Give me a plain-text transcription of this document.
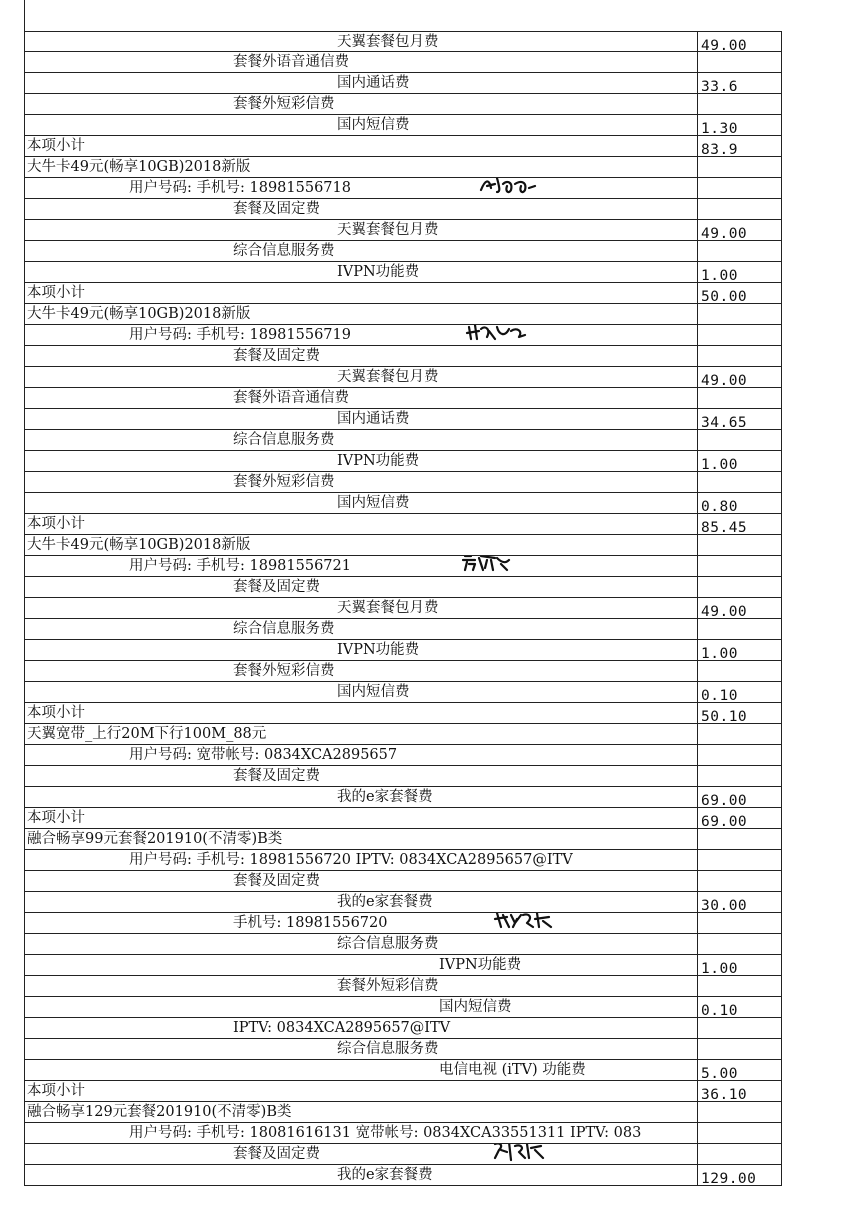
天翼套餐包月费	49.00
套餐外语音通信费
国内通话费	33.6
套餐外短彩信费
国内短信费	1.30
本项小计	83.9
大牛卡49元(畅享10GB)2018新版
用户号码: 手机号: 18981556718
套餐及固定费
天翼套餐包月费	49.00
综合信息服务费
IVPN功能费	1.00
本项小计	50.00
大牛卡49元(畅享10GB)2018新版
用户号码: 手机号: 18981556719
套餐及固定费
天翼套餐包月费	49.00
套餐外语音通信费
国内通话费	34.65
综合信息服务费
IVPN功能费	1.00
套餐外短彩信费
国内短信费	0.80
本项小计	85.45
大牛卡49元(畅享10GB)2018新版
用户号码: 手机号: 18981556721
套餐及固定费
天翼套餐包月费	49.00
综合信息服务费
IVPN功能费	1.00
套餐外短彩信费
国内短信费	0.10
本项小计	50.10
天翼宽带_上行20M下行100M_88元
用户号码: 宽带帐号: 0834XCA2895657
套餐及固定费
我的e家套餐费	69.00
本项小计	69.00
融合畅享99元套餐201910(不清零)B类
用户号码: 手机号: 18981556720 IPTV: 0834XCA2895657@ITV
套餐及固定费
我的e家套餐费	30.00
手机号: 18981556720
综合信息服务费
IVPN功能费	1.00
套餐外短彩信费
国内短信费	0.10
IPTV: 0834XCA2895657@ITV
综合信息服务费
电信电视 (iTV) 功能费	5.00
本项小计	36.10
融合畅享129元套餐201910(不清零)B类
用户号码: 手机号: 18081616131 宽带帐号: 0834XCA33551311 IPTV: 083
套餐及固定费
我的e家套餐费	129.00
